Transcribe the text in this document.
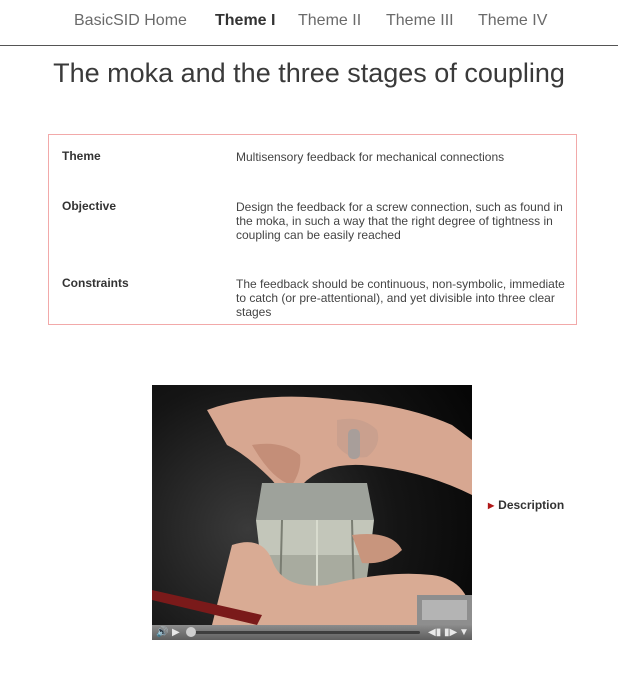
BasicSID Home Theme I Theme II Theme III Theme IV
The moka and the three stages of coupling
Theme	Multisensory feedback for mechanical connections
Objective	Design the feedback for a screw connection, such as found in the moka, in such a way that the right degree of tightness in coupling can be easily reached
Constraints	The feedback should be continuous, non-symbolic, immediate to catch (or pre-attentional), and yet divisible into three clear stages
🔊 ▶	◀▮ ▮▶ ▼
▶ Description
